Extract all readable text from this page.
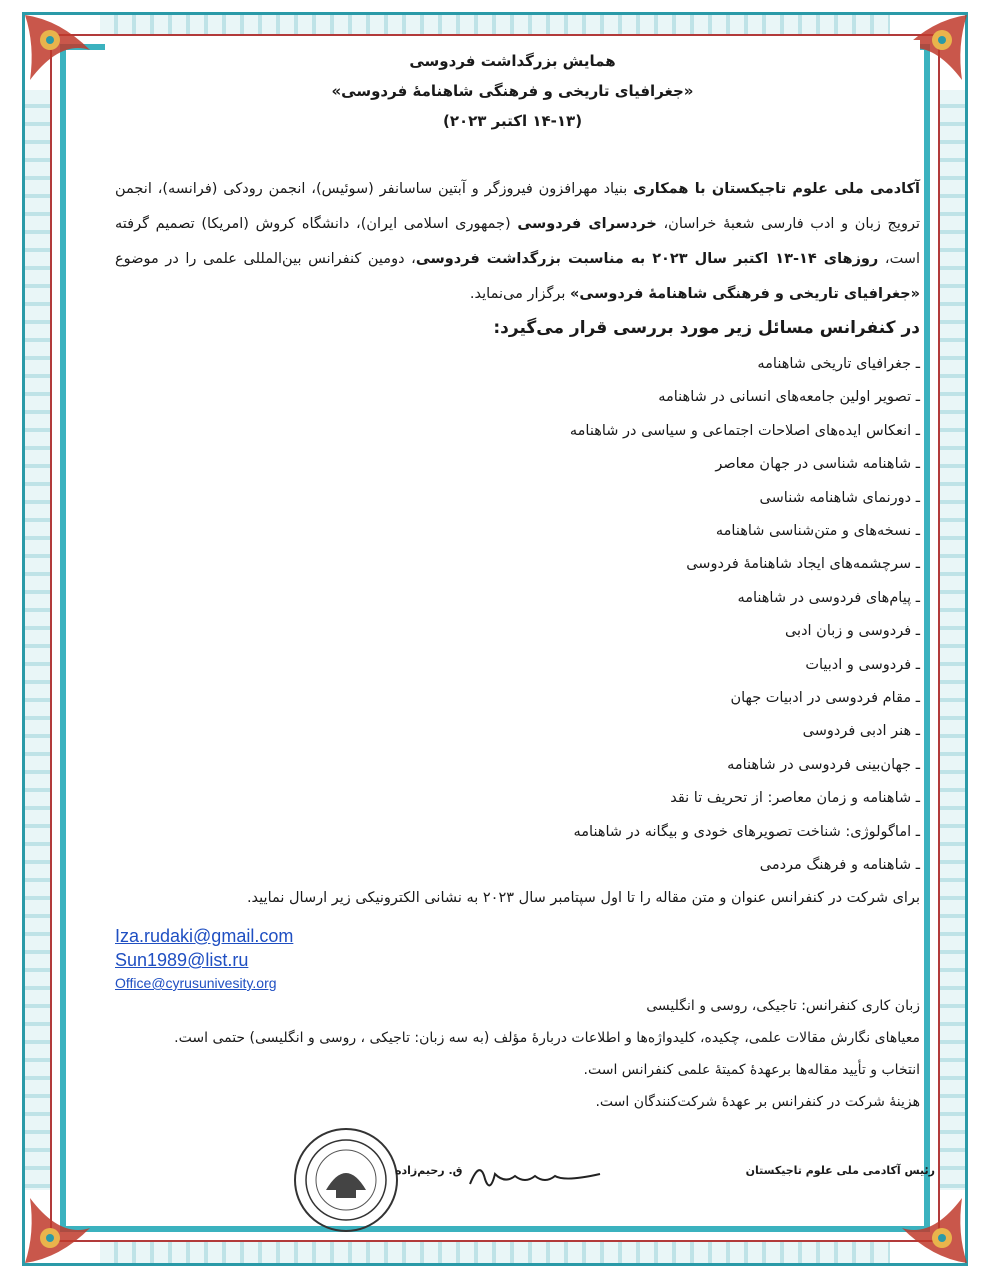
همایش بزرگداشت فردوسی
«جغرافیای تاریخی و فرهنگی شاهنامۀ فردوسی»
(۱۴-۱۳ اکتبر ۲۰۲۳)
آکادمی ملی علوم تاجیکستان با همکاری بنیاد مهرافزون فیروزگر و آبتین ساسانفر (سوئیس)، انجمن رودکی (فرانسه)، انجمن ترویج زبان و ادب فارسی شعبۀ خراسان، خردسرای فردوسی (جمهوری اسلامی ایران)، دانشگاه کروش (امریکا) تصمیم گرفته است، روزهای ۱۴-۱۳ اکتبر سال ۲۰۲۳ به مناسبت بزرگداشت فردوسی، دومین کنفرانس بین‌المللی علمی را در موضوع «جغرافیای تاریخی و فرهنگی شاهنامۀ فردوسی» برگزار می‌نماید.
در کنفرانس مسائل زیر مورد بررسی قرار می‌گیرد:
ـ جغرافیای تاریخی شاهنامه
ـ تصویر اولین جامعه‌های انسانی در شاهنامه
ـ انعکاس ایده‌های اصلاحات اجتماعی و سیاسی در شاهنامه
ـ شاهنامه شناسی در جهان معاصر
ـ دورنمای شاهنامه شناسی
ـ نسخه‌های و متن‌شناسی شاهنامه
ـ سرچشمه‌های ایجاد شاهنامۀ فردوسی
ـ پیام‌های فردوسی در شاهنامه
ـ فردوسی و زبان ادبی
ـ فردوسی و ادبیات
ـ مقام فردوسی در ادبیات جهان
ـ هنر ادبی فردوسی
ـ جهان‌بینی فردوسی در شاهنامه
ـ شاهنامه و زمان معاصر: از تحریف تا نقد
ـ اماگولوژی: شناخت تصویرهای خودی و بیگانه در شاهنامه
ـ شاهنامه و فرهنگ مردمی
برای شرکت در کنفرانس عنوان و متن مقاله را تا اول سپتامبر سال ۲۰۲۳ به نشانی الکترونیکی زیر ارسال نمایید.
Iza.rudaki@gmail.com
Sun1989@list.ru
Office@cyrusunivesity.org

زبان کاری کنفرانس: تاجیکی، روسی و انگلیسی

معیاهای نگارش مقالات علمی، چکیده، کلیدواژه‌ها و اطلاعات دربارۀ مؤلف (به سه زبان: تاجیکی ، روسی و انگلیسی) حتمی است.

انتخاب و تأیید مقاله‌ها برعهدۀ کمیتۀ علمی کنفرانس است.

هزینۀ شرکت در کنفرانس بر عهدۀ شرکت‌کنندگان است.

ق. رحیم‌زاده	رئیس آکادمی ملی علوم تاجیکستان
